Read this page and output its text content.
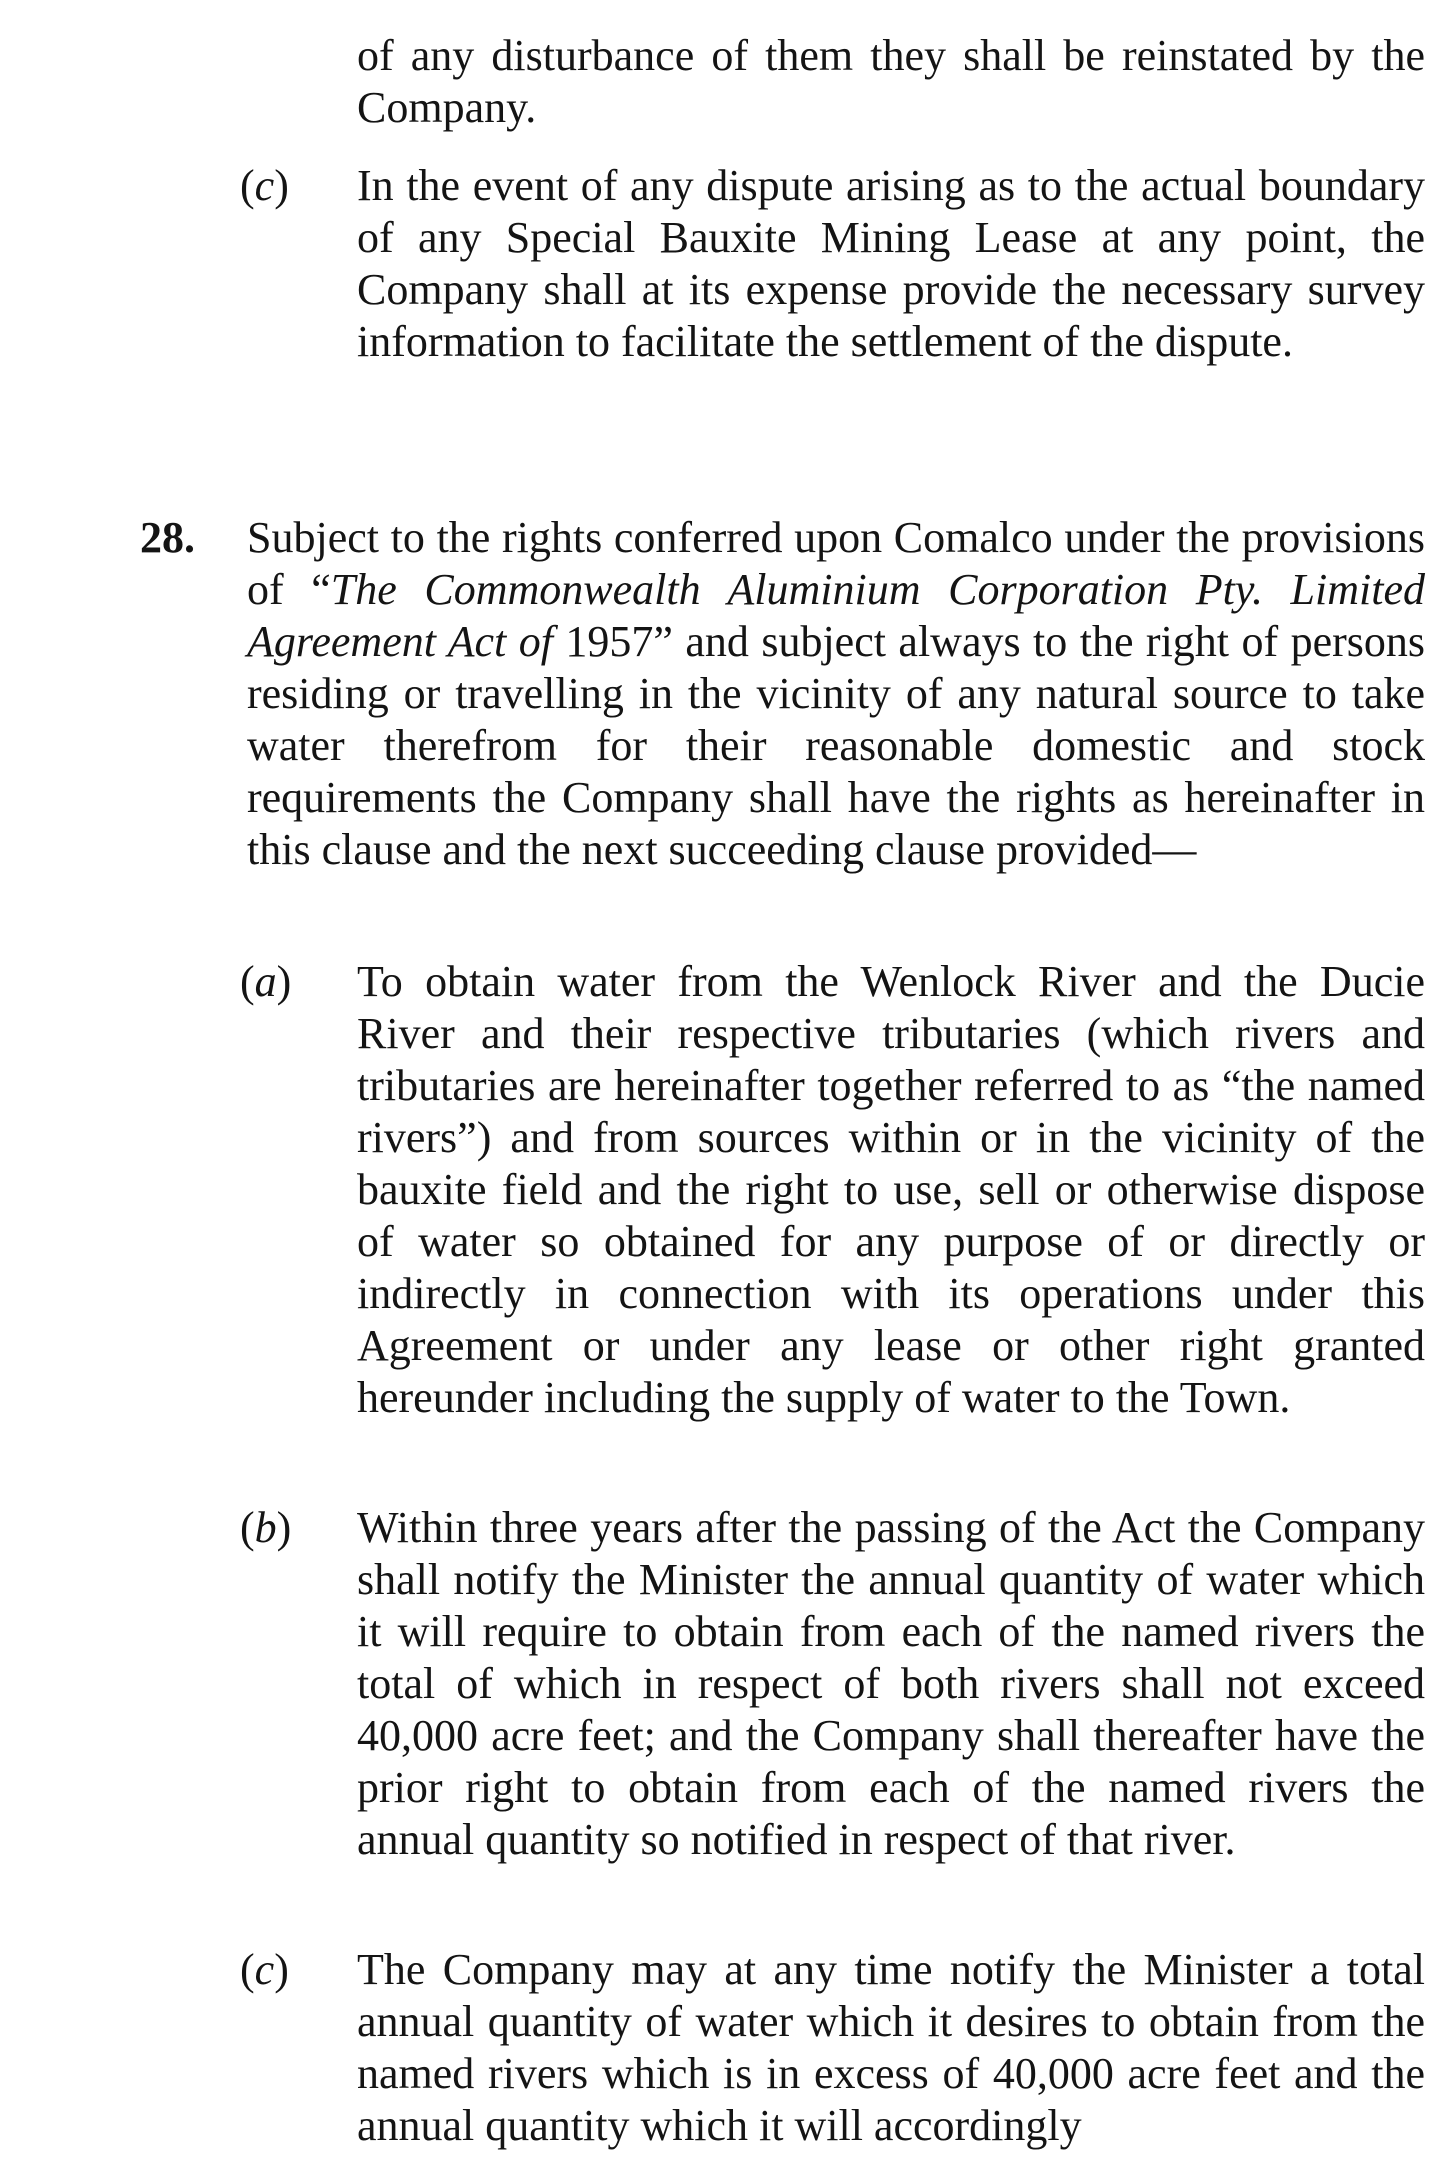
of any disturbance of them they shall be reinstated by the Company.

(c) In the event of any dispute arising as to the actual boundary of any Special Bauxite Mining Lease at any point, the Company shall at its expense provide the necessary survey information to facilitate the settlement of the dispute.

28. Subject to the rights conferred upon Comalco under the provisions of “The Commonwealth Aluminium Corporation Pty. Limited Agreement Act of 1957” and subject always to the right of persons residing or travelling in the vicinity of any natural source to take water therefrom for their reasonable domestic and stock requirements the Company shall have the rights as hereinafter in this clause and the next succeeding clause provided—

(a) To obtain water from the Wenlock River and the Ducie River and their respective tributaries (which rivers and tributaries are hereinafter together referred to as “the named rivers”) and from sources within or in the vicinity of the bauxite field and the right to use, sell or otherwise dispose of water so obtained for any purpose of or directly or indirectly in connection with its operations under this Agreement or under any lease or other right granted hereunder including the supply of water to the Town.

(b) Within three years after the passing of the Act the Company shall notify the Minister the annual quantity of water which it will require to obtain from each of the named rivers the total of which in respect of both rivers shall not exceed 40,000 acre feet; and the Company shall thereafter have the prior right to obtain from each of the named rivers the annual quantity so notified in respect of that river.

(c) The Company may at any time notify the Minister a total annual quantity of water which it desires to obtain from the named rivers which is in excess of 40,000 acre feet and the annual quantity which it will accordingly
